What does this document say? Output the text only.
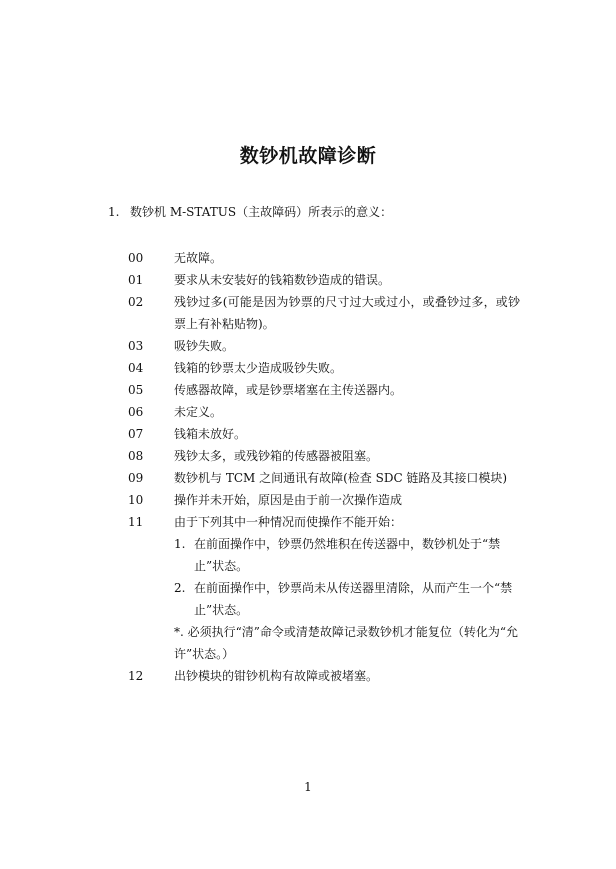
数钞机故障诊断
1. 数钞机 M-STATUS（主故障码）所表示的意义：
00	无故障。
01	要求从未安装好的钱箱数钞造成的错误。
02	残钞过多(可能是因为钞票的尺寸过大或过小，或叠钞过多，或钞票上有补粘贴物)。
03	吸钞失败。
04	钱箱的钞票太少造成吸钞失败。
05	传感器故障，或是钞票堵塞在主传送器内。
06	未定义。
07	钱箱未放好。
08	残钞太多，或残钞箱的传感器被阻塞。
09	数钞机与 TCM 之间通讯有故障(检查 SDC 链路及其接口模块)
10	操作并未开始，原因是由于前一次操作造成
11	由于下列其中一种情况而使操作不能开始：
1. 在前面操作中，钞票仍然堆积在传送器中，数钞机处于“禁止”状态。
2. 在前面操作中，钞票尚未从传送器里清除，从而产生一个“禁止”状态。
*. 必须执行“清”命令或清楚故障记录数钞机才能复位（转化为“允许”状态。）
12	出钞模块的钳钞机构有故障或被堵塞。
1
